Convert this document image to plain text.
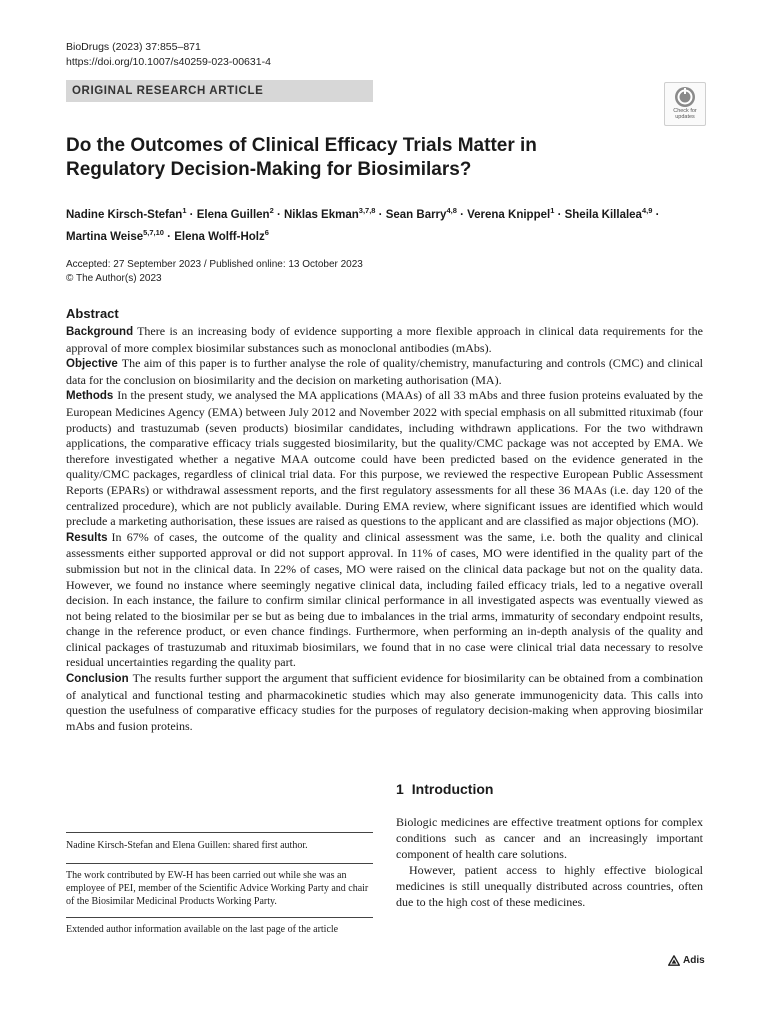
BioDrugs (2023) 37:855–871
https://doi.org/10.1007/s40259-023-00631-4
ORIGINAL RESEARCH ARTICLE
Check for
updates
Do the Outcomes of Clinical Efficacy Trials Matter in Regulatory Decision-Making for Biosimilars?
Nadine Kirsch-Stefan$^1$ · Elena Guillen$^2$ · Niklas Ekman$^{3,7,8}$ · Sean Barry$^{4,8}$ · Verena Knippel$^1$ · Sheila Killalea$^{4,9}$ ·
Martina Weise$^{5,7,10}$ · Elena Wolff-Holz$^6$
Accepted: 27 September 2023 / Published online: 13 October 2023
© The Author(s) 2023
Abstract

Background There is an increasing body of evidence supporting a more flexible approach in clinical data requirements for the approval of more complex biosimilar substances such as monoclonal antibodies (mAbs).

Objective The aim of this paper is to further analyse the role of quality/chemistry, manufacturing and controls (CMC) and clinical data for the conclusion on biosimilarity and the decision on marketing authorisation (MA).

Methods In the present study, we analysed the MA applications (MAAs) of all 33 mAbs and three fusion proteins evaluated by the European Medicines Agency (EMA) between July 2012 and November 2022 with special emphasis on all submitted rituximab (four products) and trastuzumab (seven products) biosimilar candidates, including withdrawn applications. For the two withdrawn applications, the comparative efficacy trials suggested biosimilarity, but the quality/CMC package was not accepted by EMA. We therefore investigated whether a negative MAA outcome could have been predicted based on the evidence generated in the quality/CMC packages, regardless of clinical trial data. For this purpose, we reviewed the respective European Public Assessment Reports (EPARs) or withdrawal assessment reports, and the first regulatory assessments for all these 36 MAAs (i.e. day 120 of the centralized procedure), which are not publicly available. During EMA review, where significant issues are identified which would preclude a marketing authorisation, these issues are raised as questions to the applicant and are classified as major objections (MO).

Results In 67% of cases, the outcome of the quality and clinical assessment was the same, i.e. both the quality and clinical assessments either supported approval or did not support approval. In 11% of cases, MO were identified in the quality part of the submission but not in the clinical data. In 22% of cases, MO were raised on the clinical data package but not on the quality data. However, we found no instance where seemingly negative clinical data, including failed efficacy trials, led to a negative overall decision. In each instance, the failure to confirm similar clinical performance in all investigated aspects was eventually viewed as not being related to the biosimilar per se but as being due to imbalances in the trial arms, immaturity of secondary endpoint results, change in the reference product, or even chance findings. Furthermore, when performing an in-depth analysis of the quality and clinical packages of trastuzumab and rituximab biosimilars, we found that in no case were clinical trial data necessary to resolve residual uncertainties regarding the quality part.

Conclusion The results further support the argument that sufficient evidence for biosimilarity can be obtained from a combination of analytical and functional testing and pharmacokinetic studies which may also generate immunogenicity data. This calls into question the usefulness of comparative efficacy studies for the purposes of regulatory decision-making when approving biosimilar mAbs and fusion proteins.

Nadine Kirsch-Stefan and Elena Guillen: shared first author.

The work contributed by EW-H has been carried out while she was an employee of PEI, member of the Scientific Advice Working Party and chair of the Biosimilar Medicinal Products Working Party.

Extended author information available on the last page of the article

1 Introduction

Biologic medicines are effective treatment options for complex conditions such as cancer and an increasingly important component of health care solutions.

However, patient access to highly effective biological medicines is still unequally distributed across countries, often due to the high cost of these medicines.

Adis
